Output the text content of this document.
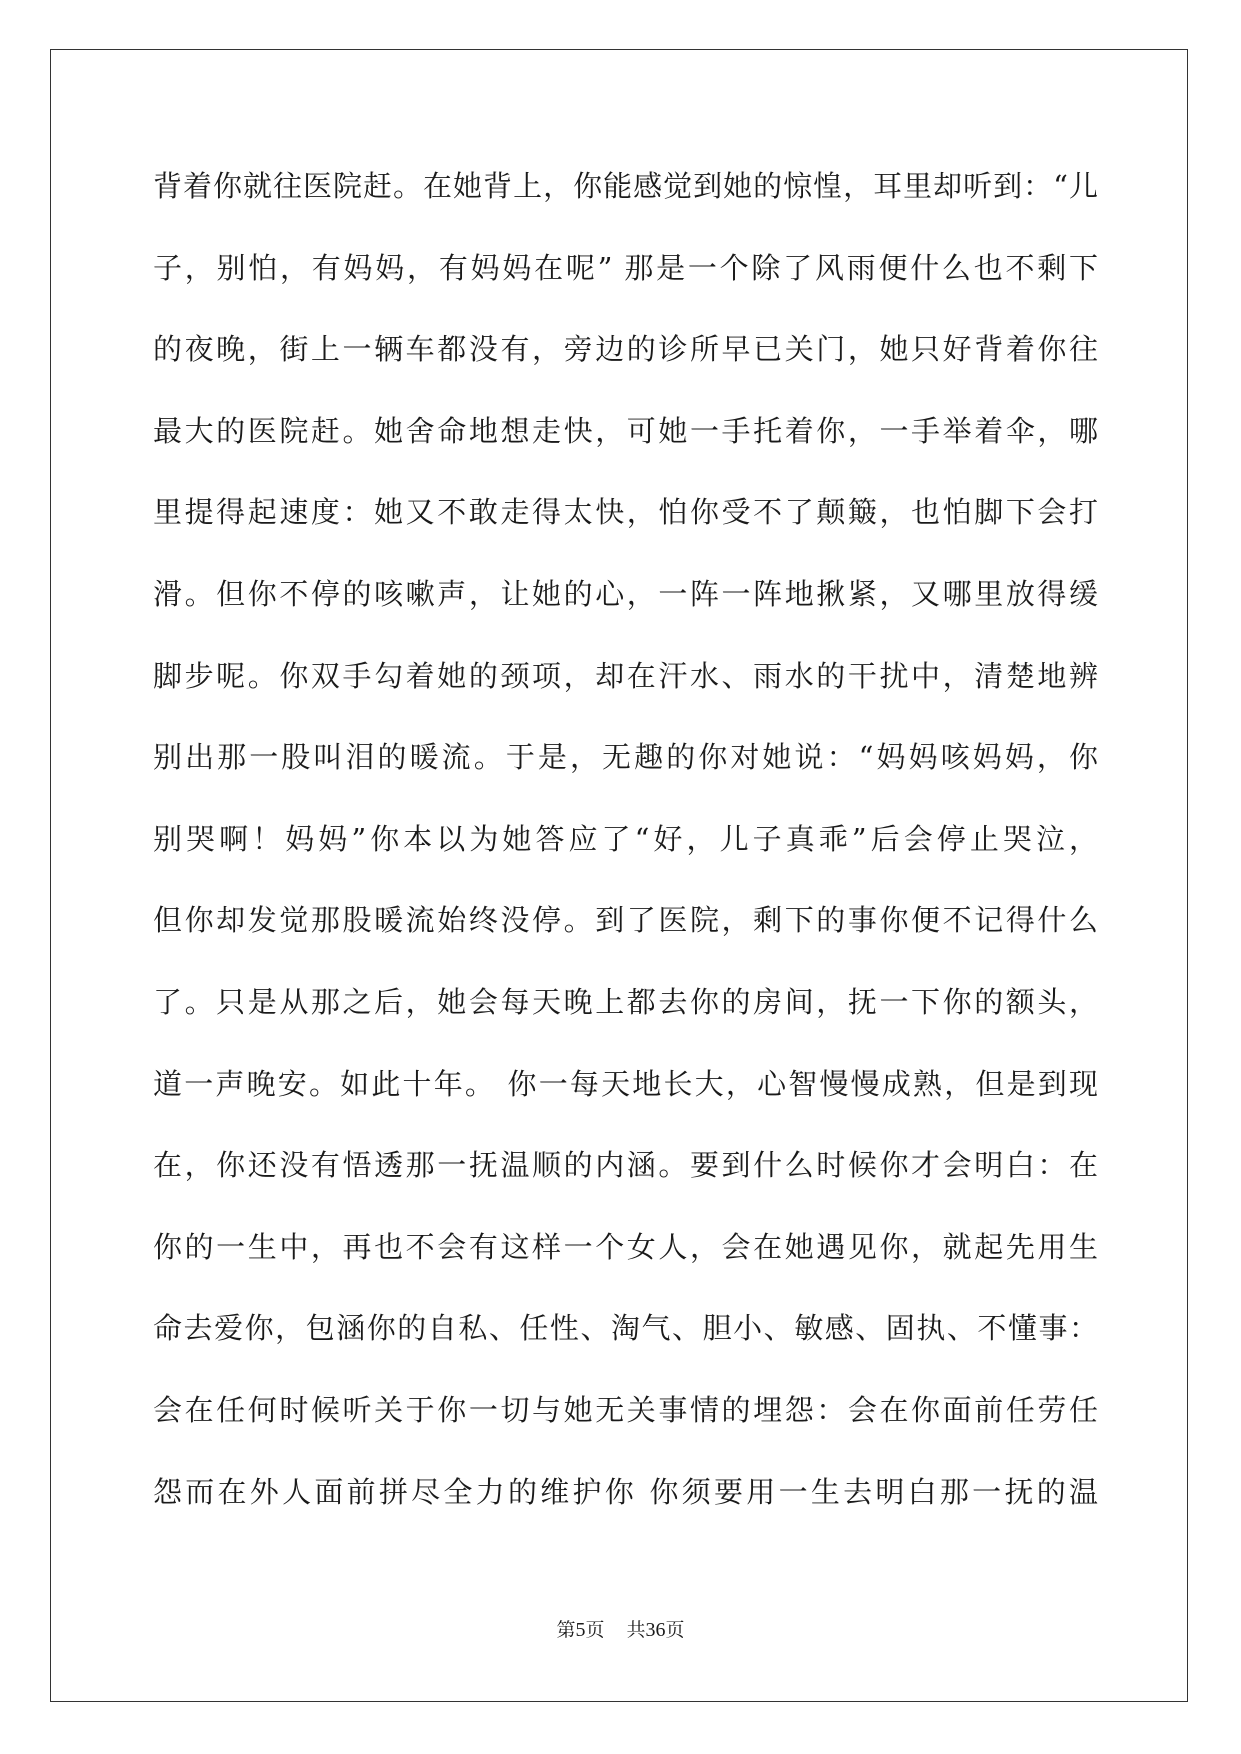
背着你就往医院赶。在她背上，你能感觉到她的惊惶，耳里却听到：“儿
子，别怕，有妈妈，有妈妈在呢” 那是一个除了风雨便什么也不剩下
的夜晚，街上一辆车都没有，旁边的诊所早已关门，她只好背着你往
最大的医院赶。她舍命地想走快，可她一手托着你，一手举着伞，哪
里提得起速度：她又不敢走得太快，怕你受不了颠簸，也怕脚下会打
滑。但你不停的咳嗽声，让她的心，一阵一阵地揪紧，又哪里放得缓
脚步呢。你双手勾着她的颈项，却在汗水、雨水的干扰中，清楚地辨
别出那一股叫泪的暖流。于是，无趣的你对她说：“妈妈咳妈妈，你
别哭啊！妈妈”你本以为她答应了“好，儿子真乖”后会停止哭泣，
但你却发觉那股暖流始终没停。到了医院，剩下的事你便不记得什么
了。只是从那之后，她会每天晚上都去你的房间，抚一下你的额头，
道一声晚安。如此十年。 你一每天地长大，心智慢慢成熟，但是到现
在，你还没有悟透那一抚温顺的内涵。要到什么时候你才会明白：在
你的一生中，再也不会有这样一个女人，会在她遇见你，就起先用生
命去爱你，包涵你的自私、任性、淘气、胆小、敏感、固执、不懂事：
会在任何时候听关于你一切与她无关事情的埋怨：会在你面前任劳任
怨而在外人面前拼尽全力的维护你 你须要用一生去明白那一抚的温
第5页 共36页
